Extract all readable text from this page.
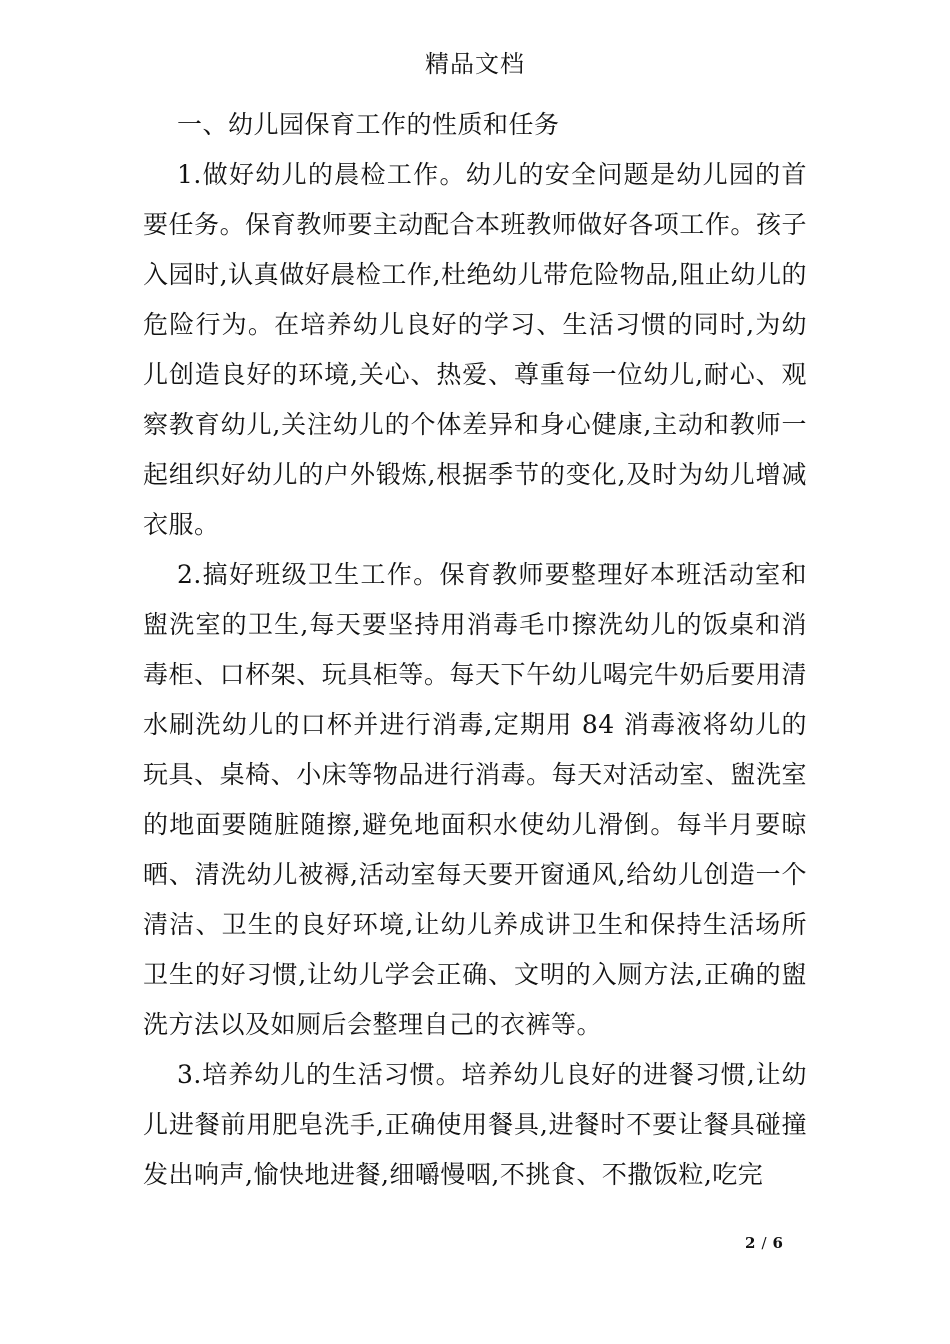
精品文档

一、幼儿园保育工作的性质和任务

1.做好幼儿的晨检工作。幼儿的安全问题是幼儿园的首要任务。保育教师要主动配合本班教师做好各项工作。孩子入园时,认真做好晨检工作,杜绝幼儿带危险物品,阻止幼儿的危险行为。在培养幼儿良好的学习、生活习惯的同时,为幼儿创造良好的环境,关心、热爱、尊重每一位幼儿,耐心、观察教育幼儿,关注幼儿的个体差异和身心健康,主动和教师一起组织好幼儿的户外锻炼,根据季节的变化,及时为幼儿增减衣服。

2.搞好班级卫生工作。保育教师要整理好本班活动室和盥洗室的卫生,每天要坚持用消毒毛巾擦洗幼儿的饭桌和消毒柜、口杯架、玩具柜等。每天下午幼儿喝完牛奶后要用清水刷洗幼儿的口杯并进行消毒,定期用 84 消毒液将幼儿的玩具、桌椅、小床等物品进行消毒。每天对活动室、盥洗室的地面要随脏随擦,避免地面积水使幼儿滑倒。每半月要晾晒、清洗幼儿被褥,活动室每天要开窗通风,给幼儿创造一个清洁、卫生的良好环境,让幼儿养成讲卫生和保持生活场所卫生的好习惯,让幼儿学会正确、文明的入厕方法,正确的盥洗方法以及如厕后会整理自己的衣裤等。

3.培养幼儿的生活习惯。培养幼儿良好的进餐习惯,让幼儿进餐前用肥皂洗手,正确使用餐具,进餐时不要让餐具碰撞发出响声,愉快地进餐,细嚼慢咽,不挑食、不撒饭粒,吃完

2 / 6
